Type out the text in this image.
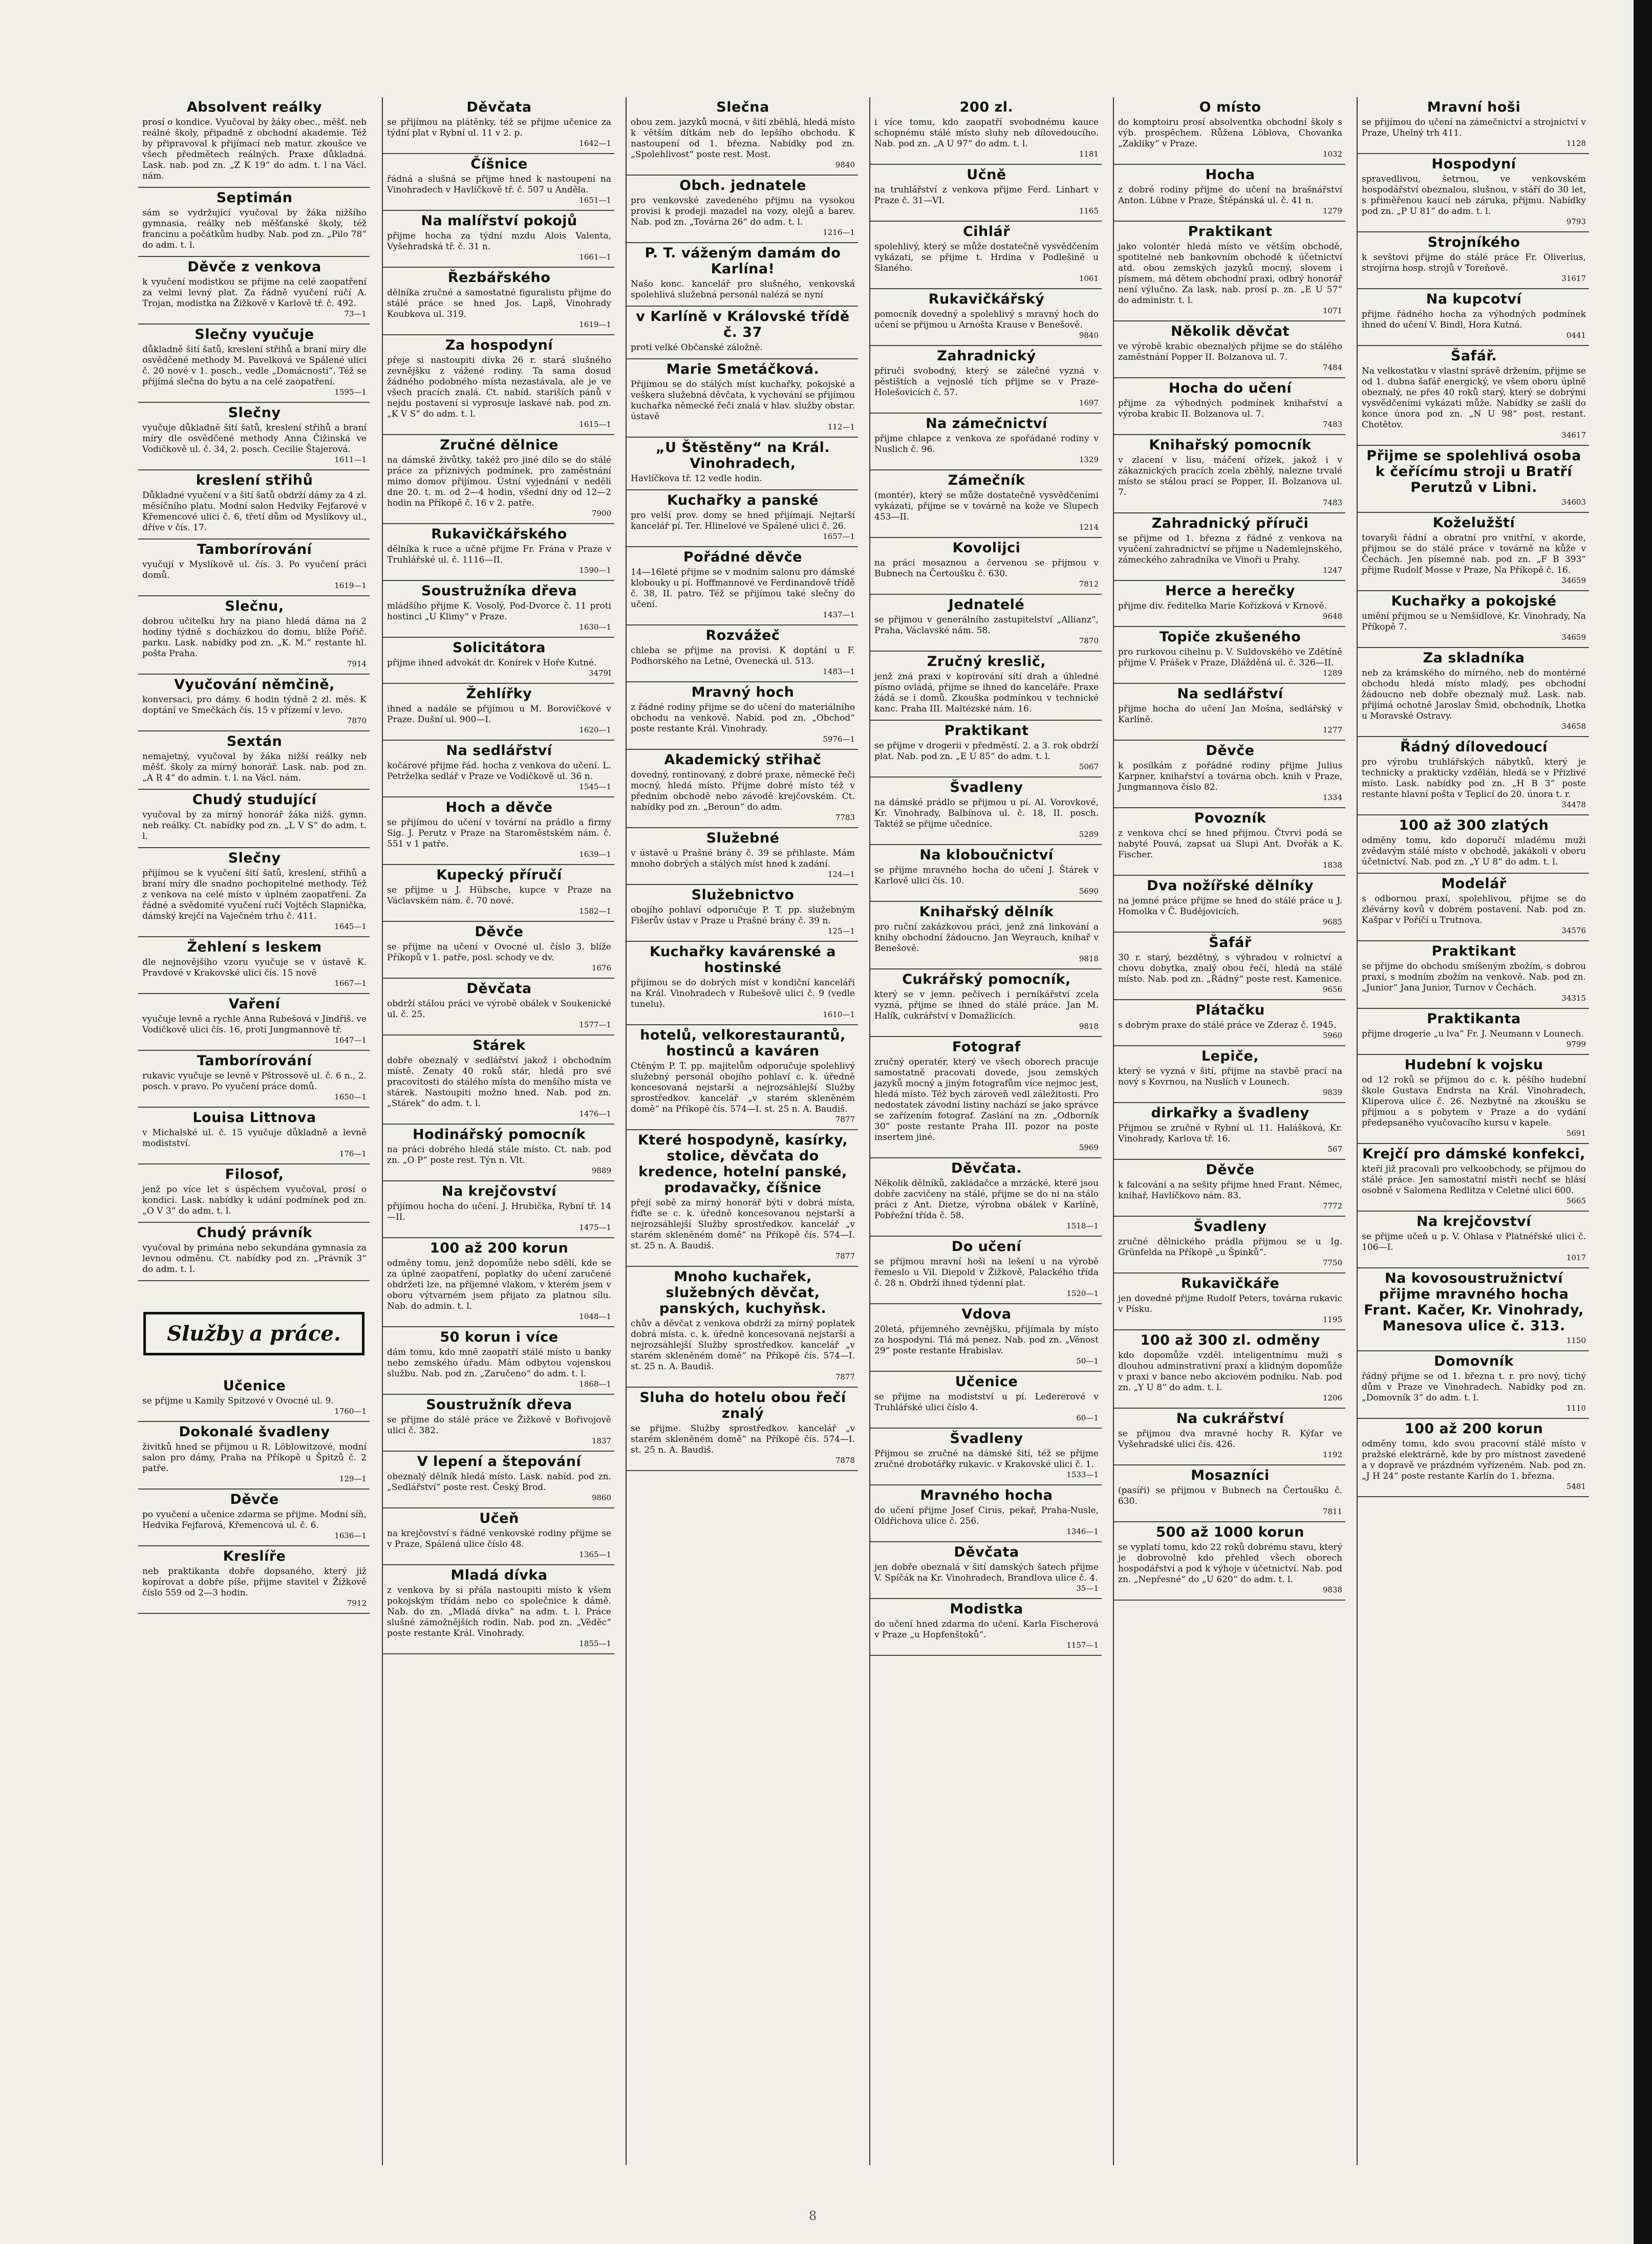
Absolvent reálky

prosí o kondice. Vyučoval by žáky obec., měšť. neb reálné školy, připadně z obchodní akademie. Též by připravoval k přijímací neb matur. zkoušce ve všech předmětech reálných. Praxe důkladná. Lask. nab. pod zn. „Z K 19“ do adm. t. l na Václ. nám.

Septimán

sám se vydržující vyučoval by žáka nižšího gymnasia, reálky neb měšťanské školy, též francinu a počátkům hudby. Nab. pod zn. „Pilo 78“ do adm. t. l.

Děvče z venkova

k vyučení modistkou se přijme na celé zaopatření za velmi levný plat. Za řádně vyučení ručí A. Trojan, modistka na Žižkově v Karlově tř. č. 492.

73—1
Slečny vyučuje

důkladně šití šatů, kreslení střihů a braní míry dle osvědčené methody M. Pavelková ve Spálené ulici č. 20 nové v 1. posch., vedle „Domácnosti“. Též se přijímá slečna do bytu a na celé zaopatření.

1595—1
Slečny

vyučuje důkladně šití šatů, kreslení střihů a braní míry dle osvědčené methody Anna Čižinská ve Vodičkově ul. č. 34, 2. posch. Cecilie Štajerová.

1611—1
kreslení střihů

Důkladné vyučení v a šití šatů obdrží dámy za 4 zl. měsíčního platu. Modní salon Hedviky Fejfarové v Křemencové ulici č. 6, třetí dům od Myslíkovy ul., dříve v čís. 17.

Tamborírování

vyučují v Myslíkově ul. čís. 3. Po vyučení práci domů.

1619—1
Slečnu,

dobrou učitelku hry na piano hledá dáma na 2 hodiny týdně s docházkou do domu, blíže Pořič. parku. Lask. nabídky pod zn. „K. M.“ restante hl. pošta Praha.

7914
Vyučování němčině,

konversaci, pro dámy. 6 hodin týdně 2 zl. měs. K doptání ve Smečkách čís. 15 v přízemí v levo.

7870
Sextán

nemajetný, vyučoval by žáka nižší reálky neb měšť. školy za mírný honorář. Lask. nab. pod zn. „A R 4“ do admin. t. l. na Václ. nám.

Chudý studující

vyučoval by za mírný honorář žáka nižš. gymn. neb reálky. Ct. nabídky pod zn. „L V S“ do adm. t. l.

Slečny

přijímou se k vyučení šití šatů, kreslení, střihů a braní míry dle snadno pochopitelné methody. Též z venkova na celé místo v úplném zaopatření. Za řádné a svědomité vyučení ručí Vojtěch Slapnička, dámský krejčí na Vaječném trhu č. 411.

1645—1
Žehlení s leskem

dle nejnovějšího vzoru vyučuje se v ústavě K. Pravdové v Krakovské ulici čís. 15 nově

1667—1
Vaření

vyučuje levně a rychle Anna Rubešová v Jindřiš. ve Vodičkově ulici čís. 16, proti Jungmannově tř.

1647—1
Tamborírování

rukavic vyučuje se levně v Pštrossově ul. č. 6 n., 2. posch. v pravo. Po vyučení práce domů.

1650—1
Louisa Littnova

v Michalské ul. č. 15 vyučuje důkladně a levně modistství.

176—1
Filosof,

jenž po více let s úspěchem vyučoval, prosí o kondici. Lask. nabídky k udání podmínek pod zn. „O V 3“ do adm. t. l.

Chudý právník

vyučoval by primána nebo sekundána gymnasia za levnou odměnu. Ct. nabídky pod zn. „Právník 3“ do adm. t. l.

Služby a práce.
Učenice

se přijme u Kamily Spitzové v Ovocné ul. 9.

1760—1
Dokonalé švadleny

živitků hned se přijmou u R. Löblowitzové, modní salon pro dámy, Praha na Příkopě u Špitzů č. 2 patře.

129—1
Děvče

po vyučení a učenice zdarma se přijme. Modní síň, Hedvika Fejfarová, Křemencová ul. č. 6.

1636—1
Kreslíře

neb praktikanta dobře dopsaného, který již kopírovat a dobře píše, přijme stavitel v Žižkově číslo 559 od 2—3 hodin.

7912
Děvčata

se přijímou na plátěnky, též se přijme učenice za týdní plat v Rybní ul. 11 v 2. p.

1642—1
Číšnice

řádná a slušná se přijme hned k nastoupení na Vinohradech v Havlíčkově tř. č. 507 u Anděla.

1651—1
Na malířství pokojů

přijme hocha za týdní mzdu Alois Valenta, Vyšehradská tř. č. 31 n.

1661—1
Řezbářského

dělníka zručné a samostatné figuralistu přijme do stálé práce se hned Jos. Lapš, Vinohrady Koubkova ul. 319.

1619—1
Za hospodyní

přeje si nastoupiti dívka 26 r. stará slušného zevnějšku z vážené rodiny. Ta sama dosud žádného podobného místa nezastávala, ale je ve všech pracích znalá. Ct. nabíd. stariších pánů v nejdu postavení si vyprosuje laskavé nab. pod zn. „K V S“ do adm. t. l.

1615—1
Zručné dělnice

na dámské živůtky, takéž pro jiné dílo se do stálé práce za příznivých podmínek, pro zaměstnání mimo domov přijímou. Ústní vyjednání v neděli dne 20. t. m. od 2—4 hodin, všední dny od 12—2 hodin na Příkopě č. 16 v 2. patře.

7900
Rukavičkářského

dělníka k ruce a učně přijme Fr. Frána v Praze v Truhlářské ul. č. 1116—II.

1590—1
Soustružníka dřeva

mládšího přijme K. Vosolý, Pod-Dvorce č. 11 proti hostinci „U Klimy“ v Praze.

1630—1
Solicitátora

přijme ihned advokát dr. Konírek v Hoře Kutné.

3479I
Žehlířky

ihned a nadále se přijímou u M. Borovičkové v Praze. Dušní ul. 900—I.

1620—1
Na sedlářství

kočárové přijme řád. hocha z venkova do učení. L. Petrželka sedlář v Praze ve Vodičkově ul. 36 n.

1545—1
Hoch a děvče

se přijímou do učení v tovární na prádlo a firmy Sig. J. Perutz v Praze na Staroměstském nám. č. 551 v 1 patře.

1639—1
Kupecký příručí

se přijme u J. Hübsche, kupce v Praze na Václavském nám. č. 70 nové.

1582—1
Děvče

se přijme na učení v Ovocné ul. číslo 3. blíže Příkopů v 1. patře, posl. schody ve dv.

1676
Děvčata

obdrží stálou práci ve výrobě obálek v Soukenické ul. č. 25.

1577—1
Stárek

dobře obeznalý v sedlářství jakož i obchodním místě. Zenaty 40 roků stár, hledá pro své pracovitosti do stálého místa do menšího místa ve stárek. Nastoupiti možno hned. Nab. pod zn. „Stárek“ do adm. t. l.

1476—1
Hodinářský pomocník

na práci dobrého hledá stále místo. Ct. nab. pod zn. „O P“ poste rest. Týn n. Vlt.

9889
Na krejčovství

přijímou hocha do učení. J. Hrubička, Rybní tř. 14—II.

1475—1
100 až 200 korun

odměny tomu, jenž dopomůže nebo sdělí, kde se za úplné zaopatření, poplatky do učení zaručené obdržeti lze, na příjemné vlakom, v kterém jsem v oboru výtvarném jsem přijato za platnou sílu. Nab. do admin. t. l.

1048—1
50 korun i více

dám tomu, kdo mně zaopatří stálé místo u banky nebo zemského úřadu. Mám odbytou vojenskou službu. Nab. pod zn. „Zaručeno“ do adm. t. l.

1868—1
Soustružník dřeva

se přijme do stálé práce ve Žižkově v Bořivojově ulici č. 382.

1837
V lepení a štepování

obeznalý dělník hledá místo. Lask. nabíd. pod zn. „Sedlářství“ poste rest. Český Brod.

9860
Učeň

na krejčovství s řádné venkovské rodiny přijme se v Praze, Spálená ulice číslo 48.

1365—1
Mladá dívka

z venkova by si přála nastoupiti místo k všem pokojským třídám nebo co společnice k dámě. Nab. do zn. „Mladá dívka“ na adm. t. l. Práce slušné zámožnějších rodin. Nab. pod zn. „Věděc“ poste restante Král. Vinohrady.

1855—1
Slečna

obou zem. jazyků mocná, v šití zběhlá, hledá místo k větším dítkám neb do lepšího obchodu. K nastoupení od 1. března. Nabídky pod zn. „Spolehlivost“ poste rest. Most.

9840
Obch. jednatele

pro venkovské zavedeného přijmu na vysokou provisi k prodeji mazadel na vozy, olejů a barev. Nab. pod zn. „Továrna 26“ do adm. t. l.

1216—1
P. T. váženým damám do Karlína!

Našo konc. kancelář pro slušného, venkovská spolehlivá služebná personál nalézá se nyní

v Karlíně v Královské třídě č. 37

proti velké Občanské záložně.

Marie Smetáčková.

Přijímou se do stálých míst kuchařky, pokojské a veškera služebná děvčata, k vychování se přijímou kuchařka německé řeči znalá v hlav. služby obstar. ústavě

112—1
„U Štěstěny“ na Král. Vinohradech,

Havlíčkova tř. 12 vedle hodin.

Kuchařky a panské

pro velší prov. domy se hned přijímají. Nejtarší kancelář pí. Ter. Hlinelové ve Spálené ulici č. 26.

1657—1
Pořádné děvče

14—16leté přijme se v modním salonu pro dámské klobouky u pí. Hoffmannové ve Ferdinandově třídě č. 38, II. patro. Též se přijímou také slečny do učení.

1437—1
Rozvážeč

chleba se přijme na provisi. K doptání u F. Podhorského na Letné, Ovenecká ul. 513.

1483—1
Mravný hoch

z řádné rodiny přijme se do učení do materiálního obchodu na venkově. Nabíd. pod zn. „Obchod“ poste restante Král. Vinohrady.

5976—1
Akademický střihač

dovedný, rontinovaný, z dobré praxe, německé řeči mocný, hledá místo. Přijme dobré místo též v předním obchodě nebo závodě krejčovském. Ct. nabídky pod zn. „Beroun“ do adm.

7783
Služebné

v ústavě u Prašné brány č. 39 se přihlaste. Mám mnoho dobrých a stálých míst hned k zadání.

124—1
Služebnictvo

obojího pohlaví odporučuje P. T. pp. služebným Fišerův ústav v Praze u Prašné brány č. 39 n.

125—1
Kuchařky kavárenské a hostinské

přijímou se do dobrých míst v kondiční kanceláři na Král. Vinohradech v Rubešově ulici č. 9 (vedle tunelu).

1610—1
hotelů, velkorestaurantů, hostinců a kaváren

Ctěným P. T. pp. majitelům odporučuje spolehlivý služebný personál obojího pohlaví c. k. úředně koncesovaná nejstarší a nejrozsáhlejší Služby sprostředkov. kancelář „v starém skleněném domě“ na Příkopě čís. 574—I. st. 25 n. A. Baudiš.

7877
Které hospodyně, kasírky, stolice, děvčata do kredence, hotelní panské, prodavačky, číšnice

přejí sobě za mírný honorář býti v dobrá místa, řiďte se c. k. úředně koncesovanou nejstarší a nejrozsáhlejší Služby sprostředkov. kancelář „v starém skleněném domě“ na Příkopě čís. 574—I. st. 25 n. A. Baudiš.

7877
Mnoho kuchařek, služebných děvčat, panských, kuchyňsk.

chův a děvčat z venkova obdrží za mírný poplatek dobrá místa. c. k. úředně koncesovaná nejstarší a nejrozsáhlejší Služby sprostředkov. kancelář „v starém skleněném domě“ na Příkopě čís. 574—I. st. 25 n. A. Baudiš.

7877
Sluha do hotelu obou řečí znalý

se přijme. Služby sprostředkov. kancelář „v starém skleněném domě“ na Příkopě čís. 574—I. st. 25 n. A. Baudiš.

7878
200 zl.

i více tomu, kdo zaopatří svobodnému kauce schopnému stálé místo sluhy neb dílovedoucího. Nab. pod zn. „A U 97“ do adm. t. l.

1181
Učně

na truhlářství z venkova přijme Ferd. Linhart v Praze č. 31—VI.

1165
Cihlář

spolehlivý, který se může dostatečně vysvědčením vykázati, se přijme t. Hrdina v Podlešině u Slaného.

1061
Rukavičkářský

pomocník dovedný a spolehlivý s mravný hoch do učení se přijmou u Arnošta Krause v Benešově.

9840
Zahradnický

přiruči svobodný, který se zálečné vyzná v pěstištích a vejnoslé tích přijme se v Praze-Holešovicích č. 57.

1697
Na zámečnictví

přijme chlapce z venkova ze spořádané rodiny v Nuslich č. 96.

1329
Zámečník

(montér), který se může dostatečně vysvědčeními vykázati, přijme se v továrně na kože ve Slupech 453—II.

1214
Kovolijci

na práci mosaznou a červenou se přijmou v Bubnech na Čertoušku č. 630.

7812
Jednatelé

se přijmou v generálního zastupitelství „Allianz“, Praha, Václavské nám. 58.

7870
Zručný kreslič,

jenž zná praxi v kopírování sítí drah a úhledné písmo ovládá, přijme se ihned do kanceláře. Praxe žádá se i domů. Zkouška podmínkou v technické kanc. Praha III. Maltézské nám. 16.

Praktikant

se přijme v drogerii v předměstí. 2. a 3. rok obdrží plat. Nab. pod zn. „E U 85“ do adm. t. l.

5067
Švadleny

na dámské prádlo se přijmou u pí. Al. Vorovkové, Kr. Vinohrady, Balbínova ul. č. 18, II. posch. Taktéž se přijme učednice.

5289
Na kloboučnictví

se přijme mravného hocha do učení J. Štárek v Karlově ulici čís. 10.

5690
Knihařský dělník

pro ruční zakázkovou práci, jenž zná linkování a knihy obchodní žádoucno. Jan Weyrauch, knihař v Benešově.

9818
Cukrářský pomocník,

který se v jemn. pečivech i perníkářství zcela vyzná, přijme se ihned do stálé práce. Jan M. Halík, cukrářství v Domažlicích.

9818
Fotograf

zručný operatér, který ve všech oborech pracuje samostatně pracovati dovede, jsou zemských jazyků mocný a jiným fotografům více nejmoc jest, hledá místo. Též bych zároveň vedl záležitosti. Pro nedostatek závodní listiny nachází se jako správce se zařízením fotograf. Zaslání na zn. „Odborník 30“ poste restante Praha III. pozor na poste insertem jiné.

5969
Děvčata.

Několik dělníků, zakládačce a mrzácké, které jsou dobře zacvičeny na stálé, přijme se do ni na stálo práci z Ant. Dietze, výrobna obálek v Karlíně, Pobřežní třída č. 58.

1518—1
Do učení

se přijmou mravní hoši na lešení u na výrobě řemeslo u Vil. Diepold v Žižkově, Palackého třída č. 28 n. Obdrží ihned týdenní plat.

1520—1
Vdova

20letá, přijemného zevnějšku, přijímala by místo za hospodyni. Tlá má penez. Nab. pod zn. „Věnost 29“ poste restante Hrabislav.

50—1
Učenice

se přijme na modistství u pí. Ledererové v Truhlářské ulici číslo 4.

60—1
Švadleny

Přijmou se zručné na dámské šití, též se přijme zručné drobotářky rukavic. v Krakovské ulici č. 1.

1533—1
Mravného hocha

do učení přijme Josef Cirus, pekař, Praha-Nusle, Oldřichova ulice č. 256.

1346—1
Děvčata

jen dobře obeznalá v šití damských šatech přijme V. Spíčák na Kr. Vinohradech, Brandlova ulice č. 4.

35—1
Modistka

do učení hned zdarma do učení. Karla Fischerová v Praze „u Hopfenštoků“.

1157—1
O místo

do komptoiru prosí absolventka obchodní školy s výb. prospěchem. Růžena Löblova, Chovanka „Zakliky“ v Praze.

1032
Hocha

z dobré rodiny přijme do učení na brašnářství Anton. Lübne v Praze, Štěpánská ul. č. 41 n.

1279
Praktikant

jako volontér hledá místo ve větším obchodě, spotitelné neb bankovním obchodě k účetnictví atd. obou zemských jazyků mocný, slovem i písmem, má dětem obchodní praxi, odbrý honorář není výlučno. Za lask. nab. prosí p. zn. „E U 57“ do administr. t. l.

1071
Několik děvčat

ve výrobě krabic obeznalých přijme se do stálého zaměstnání Popper II. Bolzanova ul. 7.

7484
Hocha do učení

přijme za výhodných podmínek knihařství a výroba krabic II. Bolzanova ul. 7.

7483
Knihařský pomocník

v zlacení v lisu, máčení ořízek, jakož i v zákaznických pracích zcela zběhlý, nalezne trvalé místo se stálou prací se Popper, II. Bolzanova ul. 7.

7483
Zahradnický příruči

se přijme od 1. března z řádné z venkova na vyučení zahradnictví se přijme u Nademlejnského, zámeckého zahradníka ve Vinoři u Prahy.

1247
Herce a herečky

přijme div. ředitelka Marie Kořízková v Krnově.

9648
Topiče zkušeného

pro rurkovou cihelnu p. V. Suldovského ve Zdětíně přijme V. Prášek v Praze, Dlážděná ul. č. 326—II.

1289
Na sedlářství

přijme hocha do učení Jan Mošna, sedlářský v Karlíně.

1277
Děvče

k posílkám z pořádné rodiny přijme Julius Karpner, knihařství a továrna obch. knih v Praze, Jungmannova číslo 82.

1334
Povozník

z venkova chcí se hned přijmou. Čtvrvi podá se nabyté Pouvá, zapsat ua Slupi Ant. Dvořák a K. Fischer.

1838
Dva nožířské dělníky

na jemné práce přijme se hned do stálé práce u J. Homolka v Č. Budějovicích.

9685
Šafář

30 r. starý, bezdětný, s výhradou v rolnictví a chovu dobytka, znalý obou řečí, hledá na stálé místo. Nab. pod zn. „Řádný“ poste rest. Kamenice.

9656
Plátačku

s dobrým praxe do stálé práce ve Zderaz č. 1945.

5960
Lepiče,

který se vyzná v šití, přijme na stavbě prací na nový s Kovrnou, na Nuslích v Lounech.

9839
dirkařky a švadleny

Přijmou se zručné v Rybní ul. 11. Halášková, Kr. Vinohrady, Karlova tř. 16.

567
Děvče

k falcování a na sešity přijme hned Frant. Němec, knihař, Havlíčkovo nám. 83.

7772
Švadleny

zručné dělnického prádla přijmou se u Ig. Grünfelda na Příkopě „u Špinků“.

7750
Rukavičkáře

jen dovedné přijme Rudolf Peters, továrna rukavic v Písku.

1195
100 až 300 zl. odměny

kdo dopomůže vzděl. inteligentnímu muži s dlouhou adminstrativní praxí a klidným dopomůže v praxi v bance nebo akciovém podniku. Nab. pod zn. „Y U 8“ do adm. t. l.

1206
Na cukrářství

se přijmou dva mravné hochy R. Kýfar ve Vyšehradské ulici čís. 426.

1192
Mosazníci

(pasíři) se přijmou v Bubnech na Čertoušku č. 630.

7811
500 až 1000 korun

se vyplatí tomu, kdo 22 roků dobrému stavu, který je dobrovolně kdo přehled všech oborech hospodářství a pod k výhoje v účetnictví. Nab. pod zn. „Nepřesné“ do „U 620“ do adm. t. l.

9838
Mravní hoši

se přijímou do učení na zámečnictví a strojnictví v Praze, Uhelný trh 411.

1128
Hospodyní

spravedlivou, šetrnou, ve venkovském hospodářství obeznalou, slušnou, v stáří do 30 let, s přiměřenou kaucí neb záruka, přijmu. Nabídky pod zn. „P U 81“ do adm. t. l.

9793
Strojníkého

k sevštovi přijme do stálé práce Fr. Oliverius, strojírna hosp. strojů v Toreňově.

31617
Na kupcotví

přijme řádného hocha za výhodných podmínek ihned do učení V. Bindl, Hora Kutná.

0441
Šafář.

Na velkostatku v vlastní správě držením, přijme se od 1. dubna šafář energický, ve všem oboru úplně obeznalý, ne přes 40 roků starý, který se dobrými vysvědčeními vykázati může. Nabídky se zašlí do konce února pod zn. „N U 98“ post. restant. Chotětov.

34617
Přijme se spolehlivá osoba k čeřícímu stroji u Bratří Perutzů v Libni.
34603
Koželužští

tovaryši řádní a obratní pro vnitřní, v akorde, přijmou se do stálé práce v továrně na kůže v Čechách. Jen písemné nab. pod zn. „F B 393“ přijme Rudolf Mosse v Praze, Na Příkopě č. 16.

34659
Kuchařky a pokojské

umění přijmou se u Nemšídlové, Kr. Vinohrady, Na Příkopě 7.

34659
Za skladníka

neb za krámského do mírného, neb do montérné obchodu hledá místo mladý, pes obchodní žádoucno neb dobře obeznalý muž. Lask. nab. přijímá ochotně Jaroslav Šmid, obchodník, Lhotka u Moravské Ostravy.

34658
Řádný dílovedoucí

pro výrobu truhlářských nábytků, který je technicky a prakticky vzdělán, hledá se v Přizlivé místo. Lask. nabídky pod zn. „H B 3“ poste restante hlavní pošta v Teplicí do 20. února t. r.

34478
100 až 300 zlatých

odměny tomu, kdo doporučí mladému muži zvědavým stálé místo v obchodě, jakákoli v oboru účetnictví. Nab. pod zn. „Y U 8“ do adm. t. l.

Modelář

s odbornou praxí, spolehlivou, přijme se do zlévárny kovů v dobrém postavení. Nab. pod zn. Kašpar v Poříčí u Trutnova.

34576
Praktikant

se přijme do obchodu smíšeným zbožím, s dobrou praxí, s modním zbožím na venkově. Nab. pod zn. „Junior“ Jana Junior, Turnov v Čechách.

34315
Praktikanta

přijme drogerie „u lva“ Fr. J. Neumann v Lounech.

9799
Hudební k vojsku

od 12 roků se přijmou do c. k. pěšího hudební škole Gustava Endrsta na Král. Vinohradech, Kliperova ulice č. 26. Nezbytně na zkoušku se přijmou a s pobytem v Praze a do vydání předepsaného vyučovacího kursu v kapele.

5691
Krejčí pro dámské konfekci,

kteří již pracovali pro velkoobchody, se přijmou do stálé práce. Jen samostatní mistři nechť se hlásí osobně v Salomena Redlitza v Celetné ulici 600.

5665
Na krejčovství

se přijme učeň u p. V. Ohlasa v Platnéřské ulici č. 106—I.

1017
Na kovosoustružnictví přijme mravného hocha Frant. Kačer, Kr. Vinohrady, Manesova ulice č. 313.
1150
Domovník

řádný přijme se od 1. března t. r. pro nový, tichý dům v Praze ve Vinohradech. Nabídky pod zn. „Domovník 3“ do adm. t. l.

1110
100 až 200 korun

odměny tomu, kdo svou pracovní stálé místo v pražské elektrárně, kde by pro místnost zavedené a v dopravě ve prázdném vyřízeném. Nab. pod zn. „J H 24“ poste restante Karlín do 1. března.

5481
8
